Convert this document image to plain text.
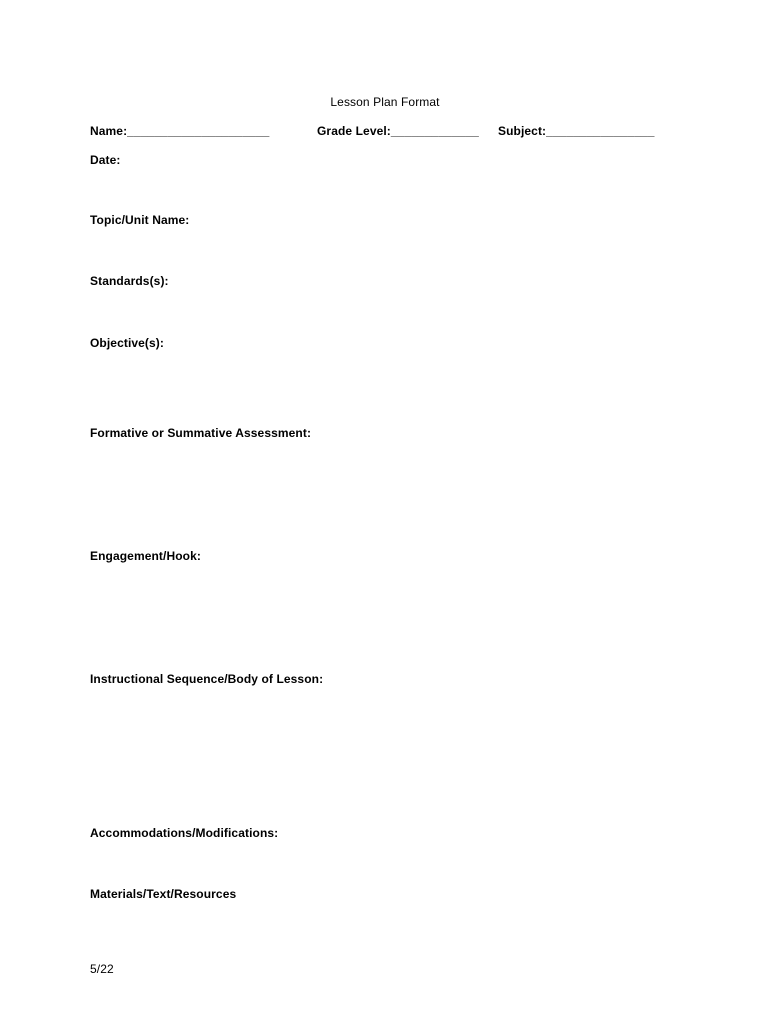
Lesson Plan Format
Name:_____________________	Grade Level:_____________ Subject:________________
Date:
Topic/Unit Name:
Standards(s):
Objective(s):
Formative or Summative Assessment:
Engagement/Hook:
Instructional Sequence/Body of Lesson:
Accommodations/Modifications:
Materials/Text/Resources
5/22
